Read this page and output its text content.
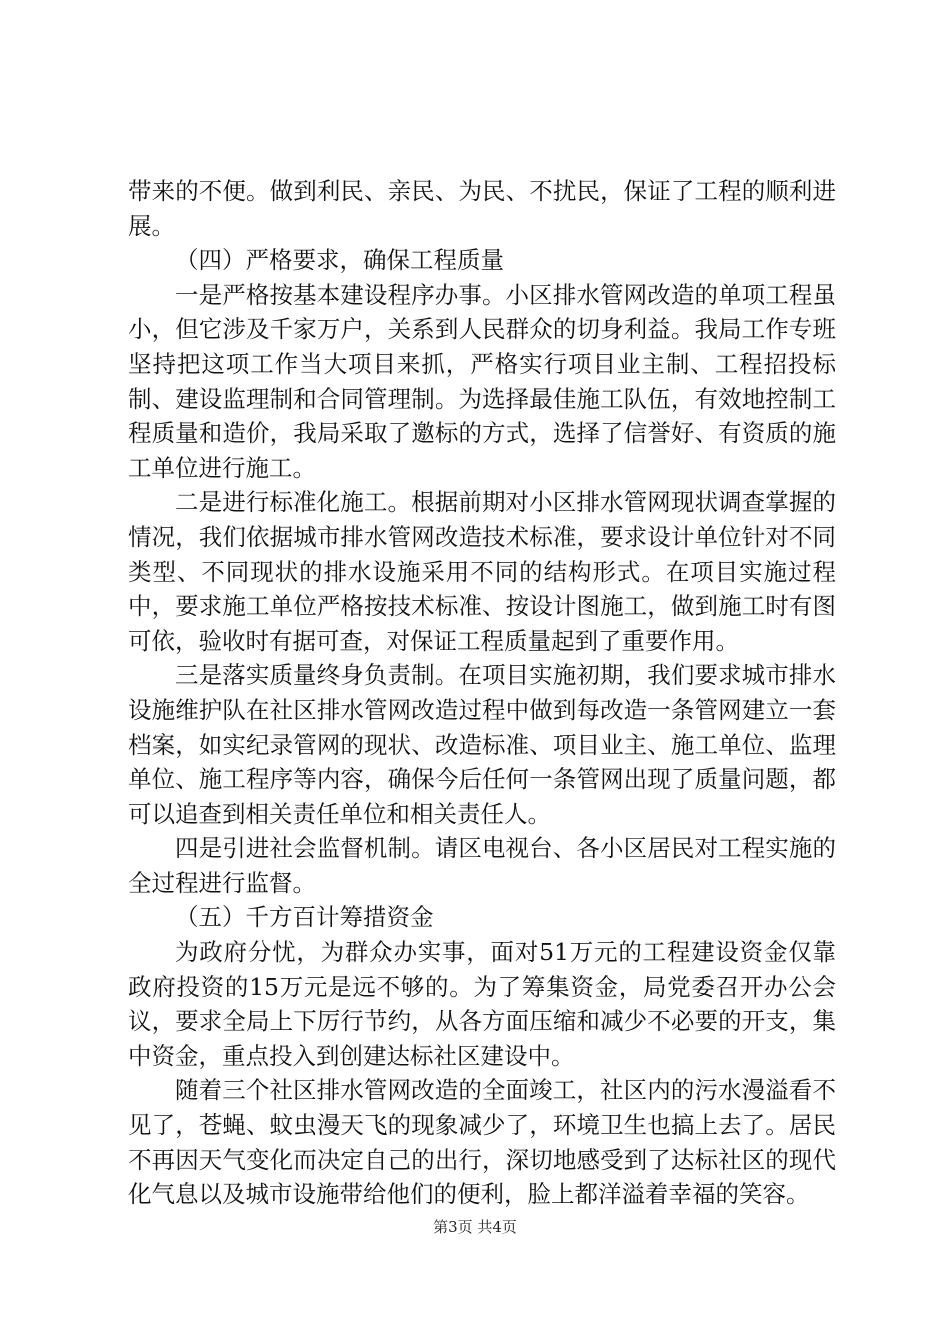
带来的不便。做到利民、亲民、为民、不扰民，保证了工程的顺利进展。

（四）严格要求，确保工程质量

一是严格按基本建设程序办事。小区排水管网改造的单项工程虽小，但它涉及千家万户，关系到人民群众的切身利益。我局工作专班坚持把这项工作当大项目来抓，严格实行项目业主制、工程招投标制、建设监理制和合同管理制。为选择最佳施工队伍，有效地控制工程质量和造价，我局采取了邀标的方式，选择了信誉好、有资质的施工单位进行施工。

二是进行标准化施工。根据前期对小区排水管网现状调查掌握的情况，我们依据城市排水管网改造技术标准，要求设计单位针对不同类型、不同现状的排水设施采用不同的结构形式。在项目实施过程中，要求施工单位严格按技术标准、按设计图施工，做到施工时有图可依，验收时有据可查，对保证工程质量起到了重要作用。

三是落实质量终身负责制。在项目实施初期，我们要求城市排水设施维护队在社区排水管网改造过程中做到每改造一条管网建立一套档案，如实纪录管网的现状、改造标准、项目业主、施工单位、监理单位、施工程序等内容，确保今后任何一条管网出现了质量问题，都可以追查到相关责任单位和相关责任人。

四是引进社会监督机制。请区电视台、各小区居民对工程实施的全过程进行监督。

（五）千方百计筹措资金

为政府分忧，为群众办实事，面对51万元的工程建设资金仅靠政府投资的15万元是远不够的。为了筹集资金，局党委召开办公会议，要求全局上下厉行节约，从各方面压缩和减少不必要的开支，集中资金，重点投入到创建达标社区建设中。

随着三个社区排水管网改造的全面竣工，社区内的污水漫溢看不见了，苍蝇、蚊虫漫天飞的现象减少了，环境卫生也搞上去了。居民不再因天气变化而决定自己的出行，深切地感受到了达标社区的现代化气息以及城市设施带给他们的便利，脸上都洋溢着幸福的笑容。

第3页 共4页
